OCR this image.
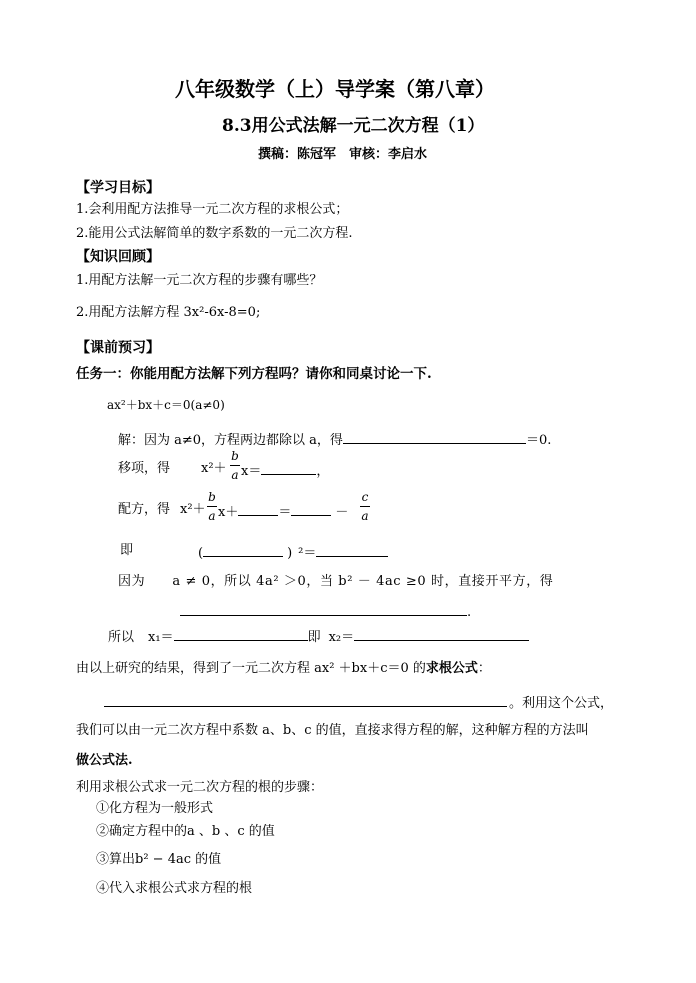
八年级数学（上）导学案（第八章）
8.3用公式法解一元二次方程（1）
撰稿：陈冠军　审核：李启水
【学习目标】
1.会利用配方法推导一元二次方程的求根公式；
2.能用公式法解简单的数字系数的一元二次方程.
【知识回顾】
1.用配方法解一元二次方程的步骤有哪些？
2.用配方法解方程 3x²-6x-8=0;
【课前预习】
任务一：你能用配方法解下列方程吗？请你和同桌讨论一下.
ax²＋bx＋c＝0(a≠0)
解：因为 a≠0，方程两边都除以 a，得	＝0.
移项，得 x²＋
b
a x＝	，
配方，得 x²＋
b
a x＋	＝	－
c
a
即	(	) ²＝
因为　　a ≠ 0，所以 4a² ＞0，当 b² － 4ac ≥0 时，直接开平方，得
.
所以 x₁＝	即 x₂＝
由以上研究的结果，得到了一元二次方程 ax² ＋bx＋c＝0 的求根公式：
。利用这个公式，
我们可以由一元二次方程中系数 a、b、c 的值，直接求得方程的解，这种解方程的方法叫
做公式法.
利用求根公式求一元二次方程的根的步骤：
①化方程为一般形式
②确定方程中的a 、b 、c 的值
③算出b² − 4ac 的值
④代入求根公式求方程的根
